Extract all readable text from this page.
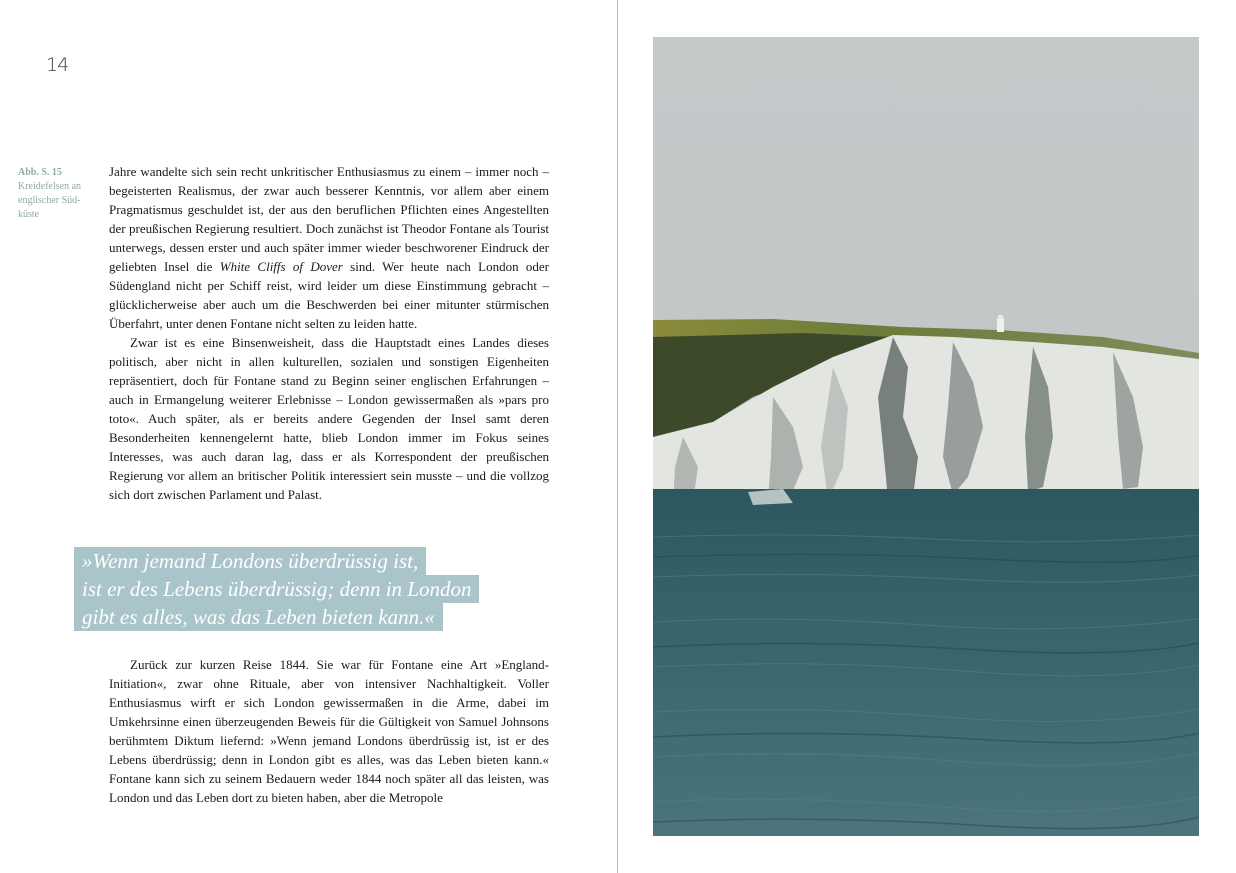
14
Abb. S. 15
Kreidefelsen an englischer Südküste

Jahre wandelte sich sein recht unkritischer Enthusiasmus zu einem – immer noch – begeisterten Realismus, der zwar auch besserer Kenntnis, vor allem aber einem Pragmatismus geschuldet ist, der aus den beruflichen Pflichten eines Angestellten der preußischen Regierung resultiert. Doch zunächst ist Theodor Fontane als Tourist unterwegs, dessen erster und auch später immer wieder beschworener Eindruck der geliebten Insel die White Cliffs of Dover sind. Wer heute nach London oder Südengland nicht per Schiff reist, wird leider um diese Einstimmung gebracht – glücklicherweise aber auch um die Beschwerden bei einer mitunter stürmischen Überfahrt, unter denen Fontane nicht selten zu leiden hatte.

Zwar ist es eine Binsenweisheit, dass die Hauptstadt eines Landes dieses politisch, aber nicht in allen kulturellen, sozialen und sonstigen Eigenheiten repräsentiert, doch für Fontane stand zu Beginn seiner englischen Erfahrungen – auch in Ermangelung weiterer Erlebnisse – London gewissermaßen als »pars pro toto«. Auch später, als er bereits andere Gegenden der Insel samt deren Besonderheiten kennengelernt hatte, blieb London immer im Fokus seines Interesses, was auch daran lag, dass er als Korrespondent der preußischen Regierung vor allem an britischer Politik interessiert sein musste – und die vollzog sich dort zwischen Parlament und Palast.

»Wenn jemand Londons überdrüssig ist,
ist er des Lebens überdrüssig; denn in London
gibt es alles, was das Leben bieten kann.«

Zurück zur kurzen Reise 1844. Sie war für Fontane eine Art »England-Initiation«, zwar ohne Rituale, aber von intensiver Nachhaltigkeit. Voller Enthusiasmus wirft er sich London gewissermaßen in die Arme, dabei im Umkehrsinne einen überzeugenden Beweis für die Gültigkeit von Samuel Johnsons berühmtem Diktum liefernd: »Wenn jemand Londons überdrüssig ist, ist er des Lebens überdrüssig; denn in London gibt es alles, was das Leben bieten kann.« Fontane kann sich zu seinem Bedauern weder 1844 noch später all das leisten, was London und das Leben dort zu bieten haben, aber die Metropole
